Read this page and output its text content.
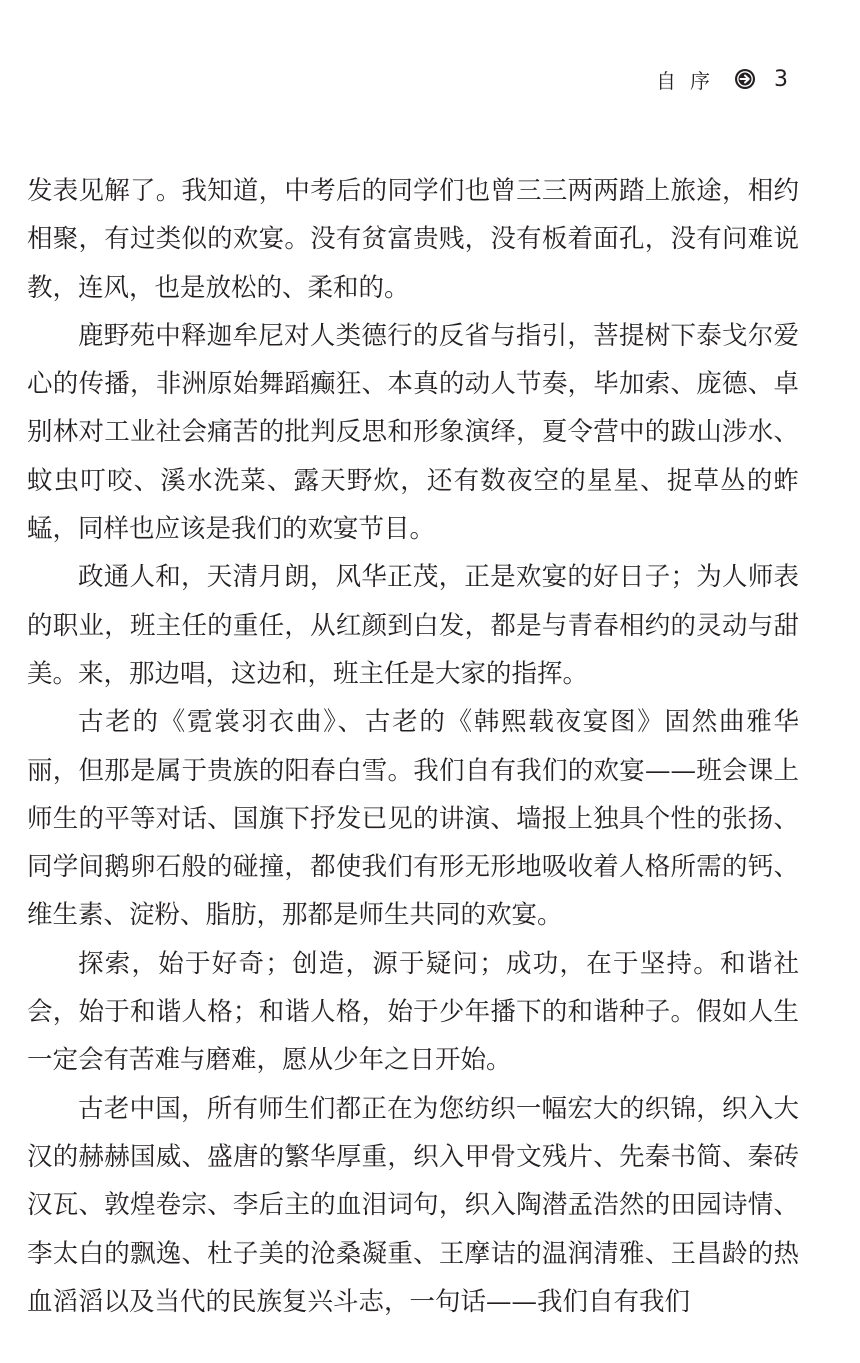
自序 3

发表见解了。我知道，中考后的同学们也曾三三两两踏上旅途，相约相聚，有过类似的欢宴。没有贫富贵贱，没有板着面孔，没有问难说教，连风，也是放松的、柔和的。

鹿野苑中释迦牟尼对人类德行的反省与指引，菩提树下泰戈尔爱心的传播，非洲原始舞蹈癫狂、本真的动人节奏，毕加索、庞德、卓别林对工业社会痛苦的批判反思和形象演绎，夏令营中的跋山涉水、蚊虫叮咬、溪水洗菜、露天野炊，还有数夜空的星星、捉草丛的蚱蜢，同样也应该是我们的欢宴节目。

政通人和，天清月朗，风华正茂，正是欢宴的好日子；为人师表的职业，班主任的重任，从红颜到白发，都是与青春相约的灵动与甜美。来，那边唱，这边和，班主任是大家的指挥。

古老的《霓裳羽衣曲》、古老的《韩熙载夜宴图》固然曲雅华丽，但那是属于贵族的阳春白雪。我们自有我们的欢宴——班会课上师生的平等对话、国旗下抒发已见的讲演、墙报上独具个性的张扬、同学间鹅卵石般的碰撞，都使我们有形无形地吸收着人格所需的钙、维生素、淀粉、脂肪，那都是师生共同的欢宴。

探索，始于好奇；创造，源于疑问；成功，在于坚持。和谐社会，始于和谐人格；和谐人格，始于少年播下的和谐种子。假如人生一定会有苦难与磨难，愿从少年之日开始。

古老中国，所有师生们都正在为您纺织一幅宏大的织锦，织入大汉的赫赫国威、盛唐的繁华厚重，织入甲骨文残片、先秦书简、秦砖汉瓦、敦煌卷宗、李后主的血泪词句，织入陶潜孟浩然的田园诗情、李太白的飘逸、杜子美的沧桑凝重、王摩诘的温润清雅、王昌龄的热血滔滔以及当代的民族复兴斗志，一句话——我们自有我们
